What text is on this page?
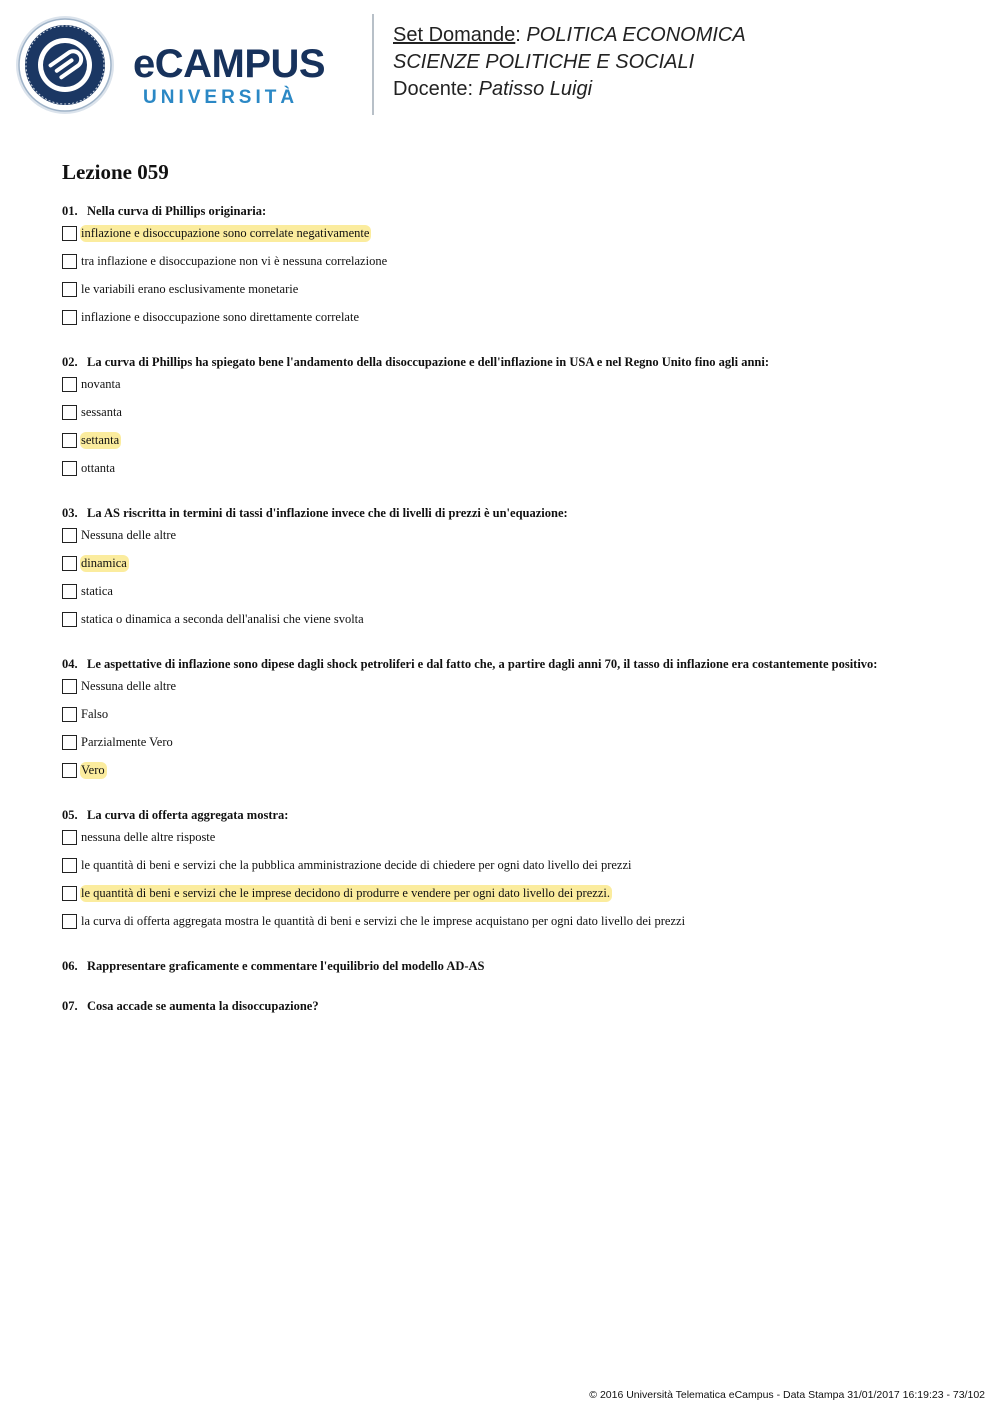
eCAMPUS
UNIVERSITÀ
Set Domande: POLITICA ECONOMICA
SCIENZE POLITICHE E SOCIALI
Docente: Patisso Luigi
Lezione 059
01. Nella curva di Phillips originaria:
inflazione e disoccupazione sono correlate negativamente
tra inflazione e disoccupazione non vi è nessuna correlazione
le variabili erano esclusivamente monetarie
inflazione e disoccupazione sono direttamente correlate
02. La curva di Phillips ha spiegato bene l'andamento della disoccupazione e dell'inflazione in USA e nel Regno Unito fino agli anni:
novanta
sessanta
settanta
ottanta
03. La AS riscritta in termini di tassi d'inflazione invece che di livelli di prezzi è un'equazione:
Nessuna delle altre
dinamica
statica
statica o dinamica a seconda dell'analisi che viene svolta
04. Le aspettative di inflazione sono dipese dagli shock petroliferi e dal fatto che, a partire dagli anni 70, il tasso di inflazione era costantemente positivo:
Nessuna delle altre
Falso
Parzialmente Vero
Vero
05. La curva di offerta aggregata mostra:
nessuna delle altre risposte
le quantità di beni e servizi che la pubblica amministrazione decide di chiedere per ogni dato livello dei prezzi
le quantità di beni e servizi che le imprese decidono di produrre e vendere per ogni dato livello dei prezzi.
la curva di offerta aggregata mostra le quantità di beni e servizi che le imprese acquistano per ogni dato livello dei prezzi
06. Rappresentare graficamente e commentare l'equilibrio del modello AD-AS
07. Cosa accade se aumenta la disoccupazione?
© 2016 Università Telematica eCampus - Data Stampa 31/01/2017 16:19:23 - 73/102
